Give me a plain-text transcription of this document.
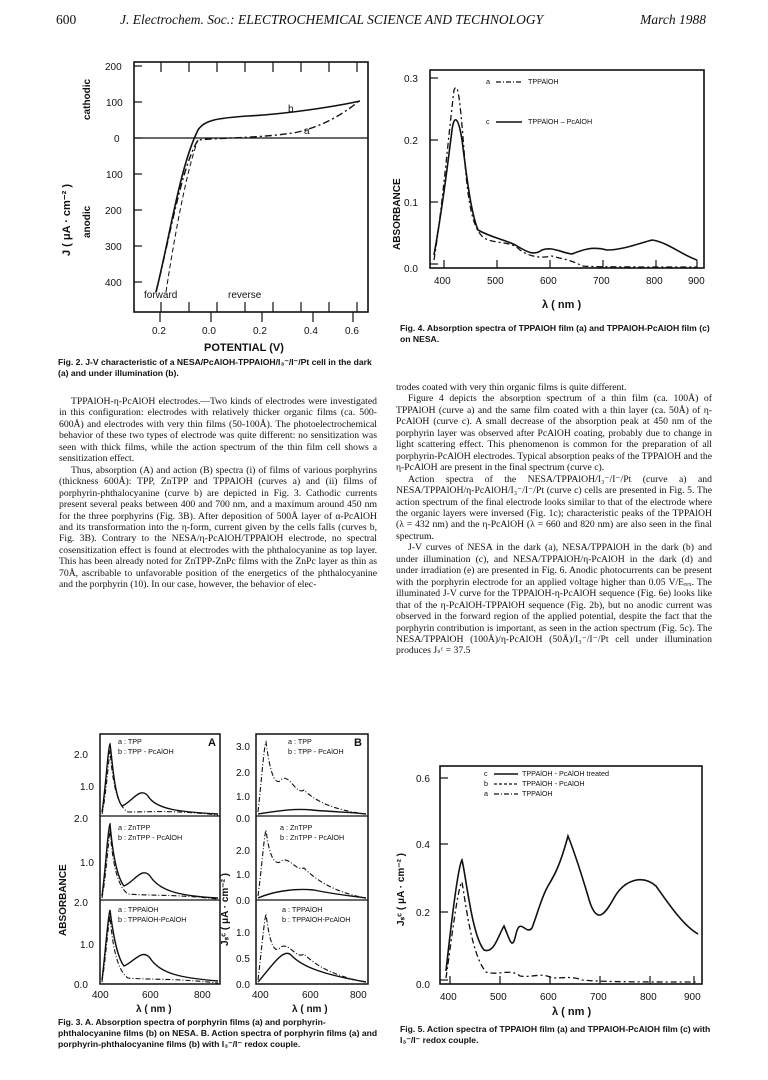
600	J. Electrochem. Soc.: ELECTROCHEMICAL SCIENCE AND TECHNOLOGY	March 1988
b
a
forward	reverse
200
100
0
100
200
300
400
0.2	0.0	0.2	0.4	0.6
POTENTIAL (V)
J ( μA · cm⁻² )
cathodic
anodic
Fig. 2. J-V characteristic of a NESA/PcAlOH-TPPAlOH/I₃⁻/I⁻/Pt cell in the dark (a) and under illumination (b).
a	TPPAlOH
c	TPPAlOH – PcAlOH
0.3
0.2
0.1
0.0
400	500	600	700	800	900
λ ( nm )
ABSORBANCE
Fig. 4. Absorption spectra of TPPAlOH film (a) and TPPAlOH-PcAlOH film (c) on NESA.

TPPAlOH-η-PcAlOH electrodes.—Two kinds of electrodes were investigated in this configuration: electrodes with relatively thicker organic films (ca. 500-600Å) and electrodes with very thin films (50-100Å). The photoelectrochemical behavior of these two types of electrode was quite different: no sensitization was seen with thick films, while the action spectrum of the thin film cell shows a sensitization effect.

Thus, absorption (A) and action (B) spectra (i) of films of various porphyrins (thickness 600Å): TPP, ZnTPP and TPPAlOH (curves a) and (ii) films of porphyrin-phthalocyanine (curve b) are depicted in Fig. 3. Cathodic currents present several peaks between 400 and 700 nm, and a maximum around 450 nm for the three porphyrins (Fig. 3B). After deposition of 500Å layer of α-PcAlOH and its transformation into the η-form, current given by the cells falls (curves b, Fig. 3B). Contrary to the NESA/η-PcAlOH/TPPAlOH electrode, no spectral cosensitization effect is found at electrodes with the phthalocyanine as top layer. This has been already noted for ZnTPP-ZnPc films with the ZnPc layer as thin as 70Å, ascribable to unfavorable position of the energetics of the phthalocyanine and the porphyrin (10). In our case, however, the behavior of elec-

trodes coated with very thin organic films is quite different.

Figure 4 depicts the absorption spectrum of a thin film (ca. 100Å) of TPPAlOH (curve a) and the same film coated with a thin layer (ca. 50Å) of η-PcAlOH (curve c). A small decrease of the absorption peak at 450 nm of the porphyrin layer was observed after PcAlOH coating, probably due to change in light scattering effect. This phenomenon is common for the preparation of all porphyrin-PcAlOH electrodes. Typical absorption peaks of the TPPAlOH and the η-PcAlOH are present in the final spectrum (curve c).

Action spectra of the NESA/TPPAlOH/I₃⁻/I⁻/Pt (curve a) and NESA/TPPAlOH/η-PcAlOH/I₃⁻/I⁻/Pt (curve c) cells are presented in Fig. 5. The action spectrum of the final electrode looks similar to that of the electrode where the organic layers were inversed (Fig. 1c); characteristic peaks of the TPPAlOH (λ = 432 nm) and the η-PcAlOH (λ = 660 and 820 nm) are also seen in the final spectrum.

J-V curves of NESA in the dark (a), NESA/TPPAlOH in the dark (b) and under illumination (c), and NESA/TPPAlOH/η-PcAlOH in the dark (d) and under irradiation (e) are presented in Fig. 6. Anodic photocurrents can be present with the porphyrin electrode for an applied voltage higher than 0.05 V/Eᵣₑₓ. The illuminated J-V curve for the TPPAlOH-η-PcAlOH sequence (Fig. 6e) looks like that of the η-PcAlOH-TPPAlOH sequence (Fig. 2b), but no anodic current was observed in the forward region of the applied potential, despite the fact that the porphyrin contribution is important, as seen in the action spectrum (Fig. 5c). The NESA/TPPAlOH (100Å)/η-PcAlOH (50Å)/I₃⁻/I⁻/Pt cell under illumination produces Jₛᶜ = 37.5

a : TPP
b : TPP - PcAlOH
a : ZnTPP
b : ZnTPP - PcAlOH
a : TPPAlOH
b : TPPAlOH-PcAlOH
a : TPP
b : TPP - PcAlOH
a : ZnTPP
b : ZnTPP - PcAlOH
a : TPPAlOH
b : TPPAlOH-PcAlOH
A	B
2.0
1.0
2.0
1.0
2.0
1.0
0.0
3.0
2.0
1.0
0.0
2.0
1.0
0.0
1.0
0.5
0.0
400	600	800	400	600	800
λ ( nm )	λ ( nm )
ABSORBANCE	Jₛᶜ ( μA · cm⁻² )
Fig. 3. A. Absorption spectra of porphyrin films (a) and porphyrin-phthalocyanine films (b) on NESA. B. Action spectra of porphyrin films (a) and porphyrin-phthalocyanine films (b) with I₃⁻/I⁻ redox couple.
c	TPPAlOH - PcAlOH treated
b	TPPAlOH - PcAlOH
a	TPPAlOH
0.6
0.4
0.2
0.0
400	500	600	700	800	900
λ ( nm )
Jₛᶜ ( μA · cm⁻² )
Fig. 5. Action spectra of TPPAlOH film (a) and TPPAlOH-PcAlOH film (c) with I₃⁻/I⁻ redox couple.
